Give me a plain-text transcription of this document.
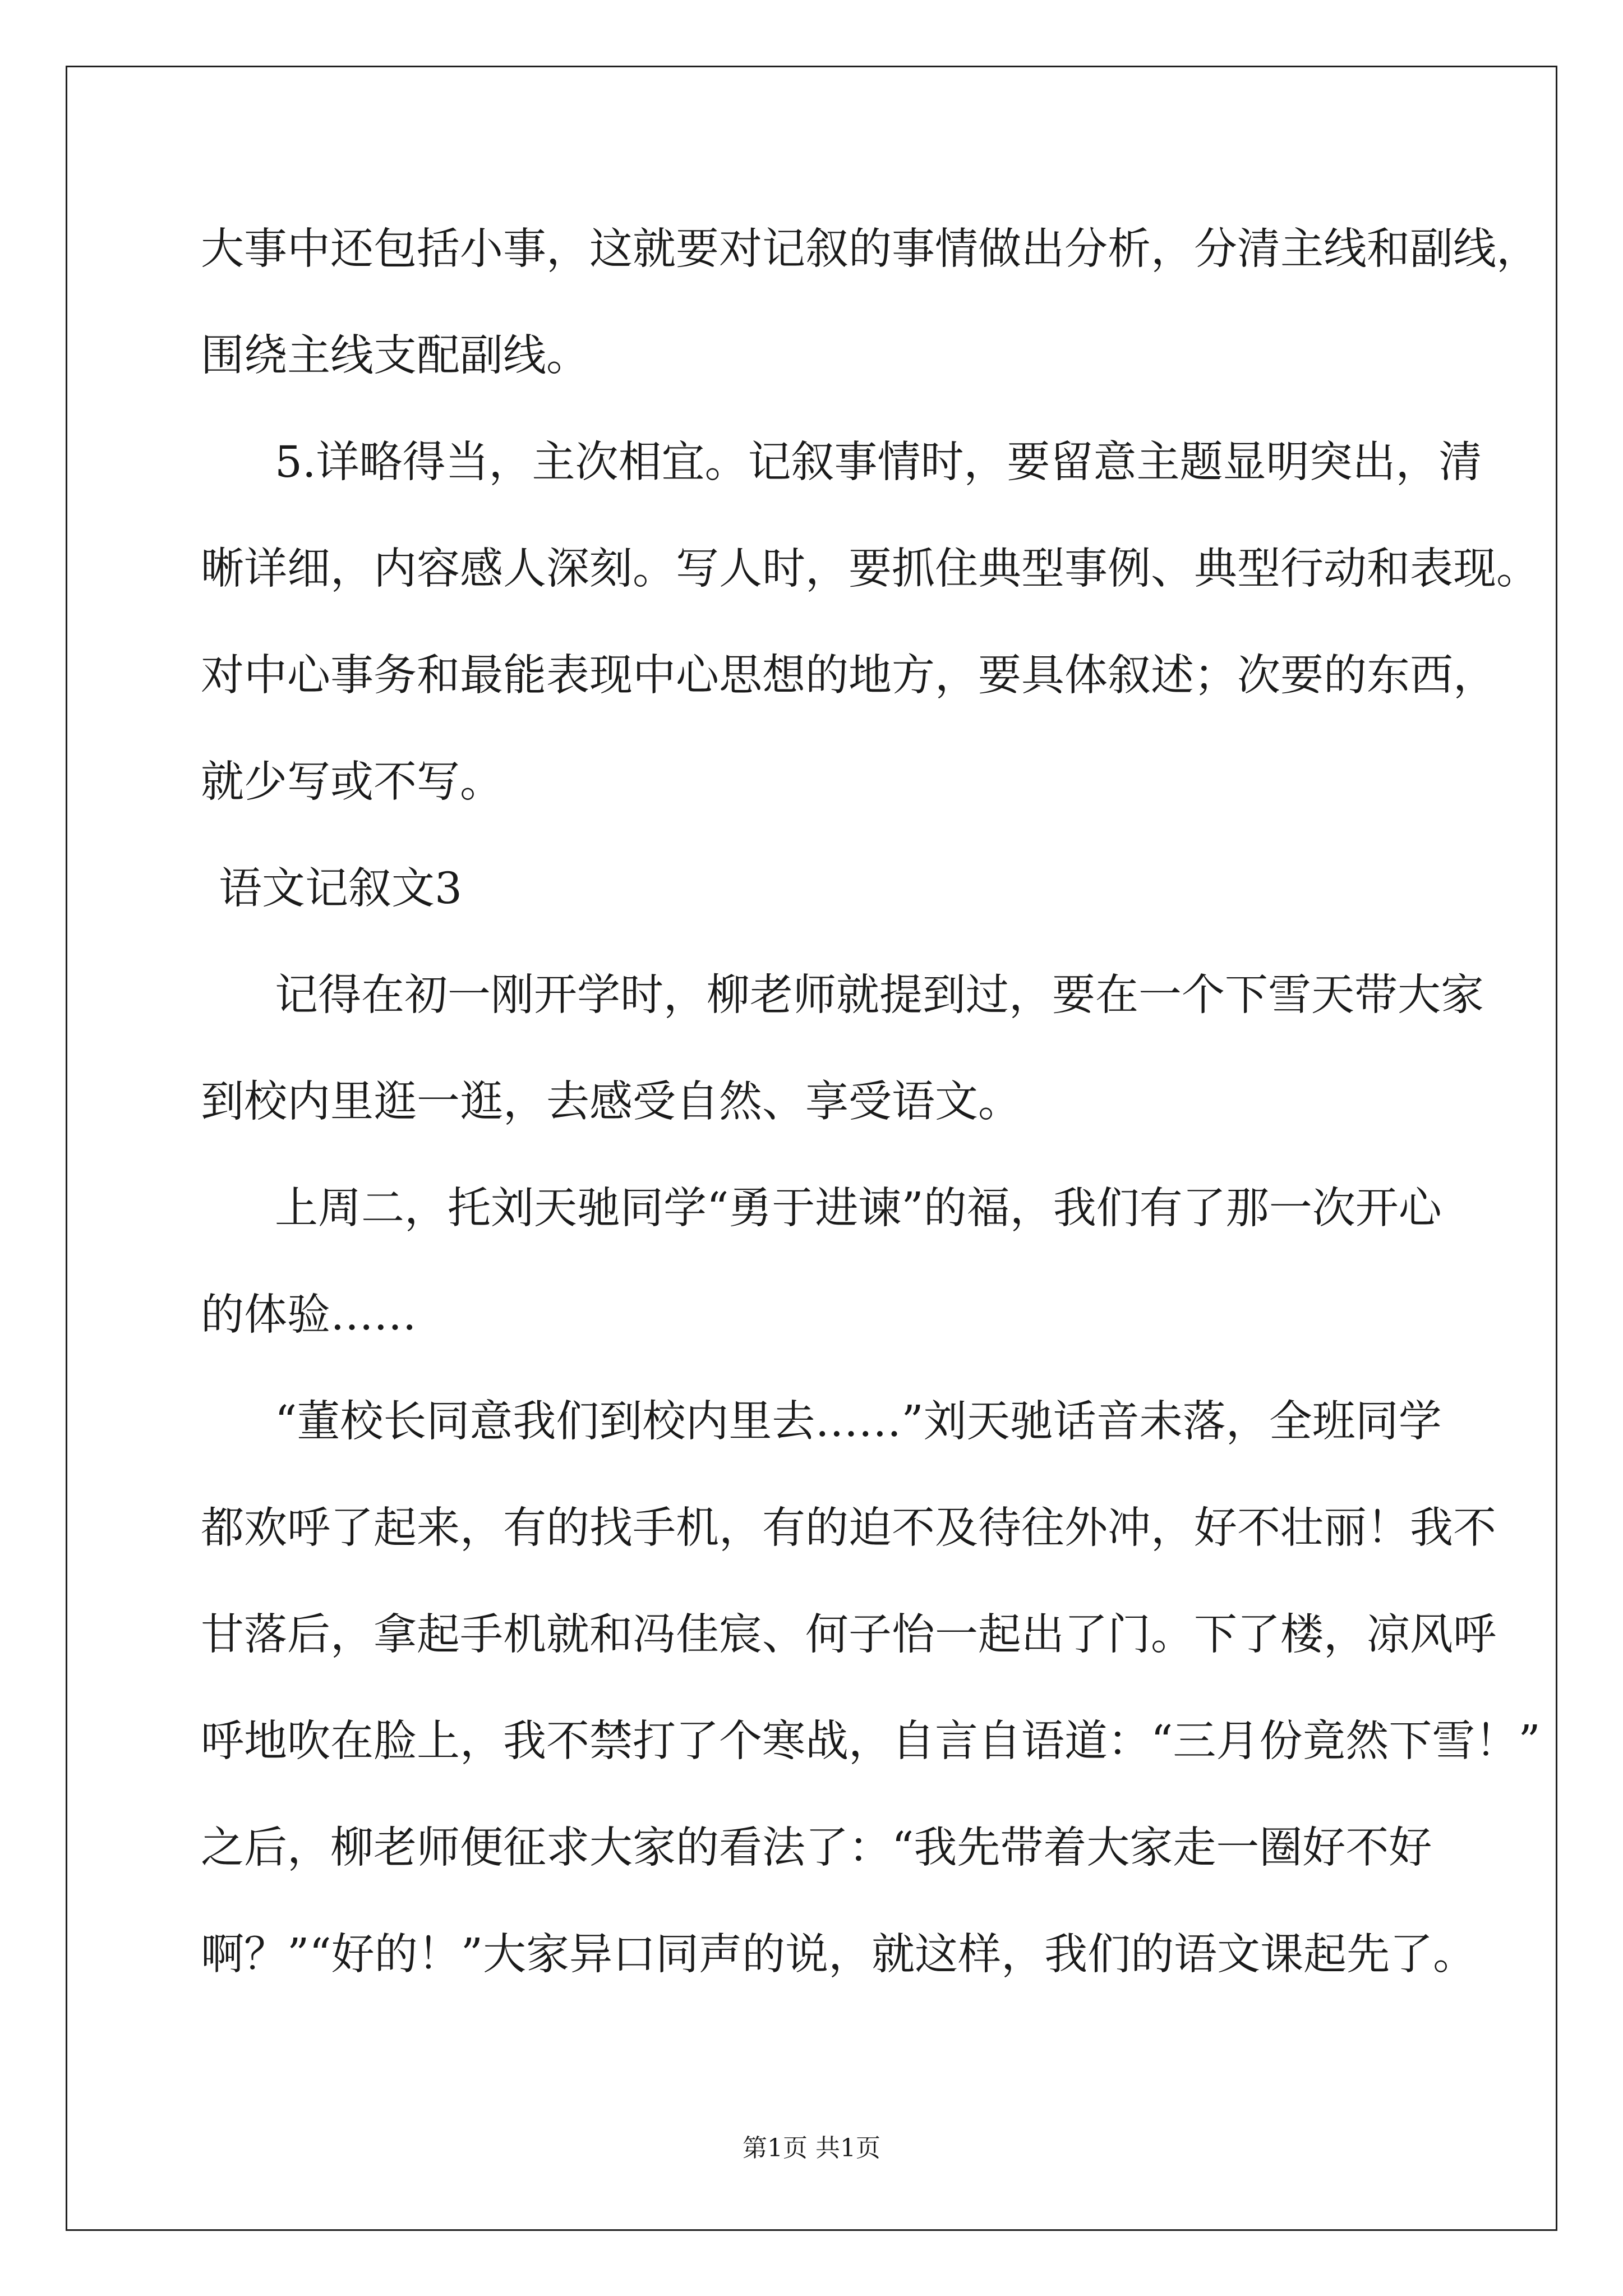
大事中还包括小事，这就要对记叙的事情做出分析，分清主线和副线，
围绕主线支配副线。
5.详略得当，主次相宜。记叙事情时，要留意主题显明突出，清
晰详细，内容感人深刻。写人时，要抓住典型事例、典型行动和表现。
对中心事务和最能表现中心思想的地方，要具体叙述；次要的东西，
就少写或不写。
语文记叙文3
记得在初一刚开学时，柳老师就提到过，要在一个下雪天带大家
到校内里逛一逛，去感受自然、享受语文。
上周二，托刘天驰同学“勇于进谏”的福，我们有了那一次开心
的体验……
“董校长同意我们到校内里去……”刘天驰话音未落，全班同学
都欢呼了起来，有的找手机，有的迫不及待往外冲，好不壮丽！我不
甘落后，拿起手机就和冯佳宸、何子怡一起出了门。下了楼，凉风呼
呼地吹在脸上，我不禁打了个寒战，自言自语道：“三月份竟然下雪！”
之后，柳老师便征求大家的看法了：“我先带着大家走一圈好不好
啊？”“好的！”大家异口同声的说，就这样，我们的语文课起先了。
第1页 共1页
